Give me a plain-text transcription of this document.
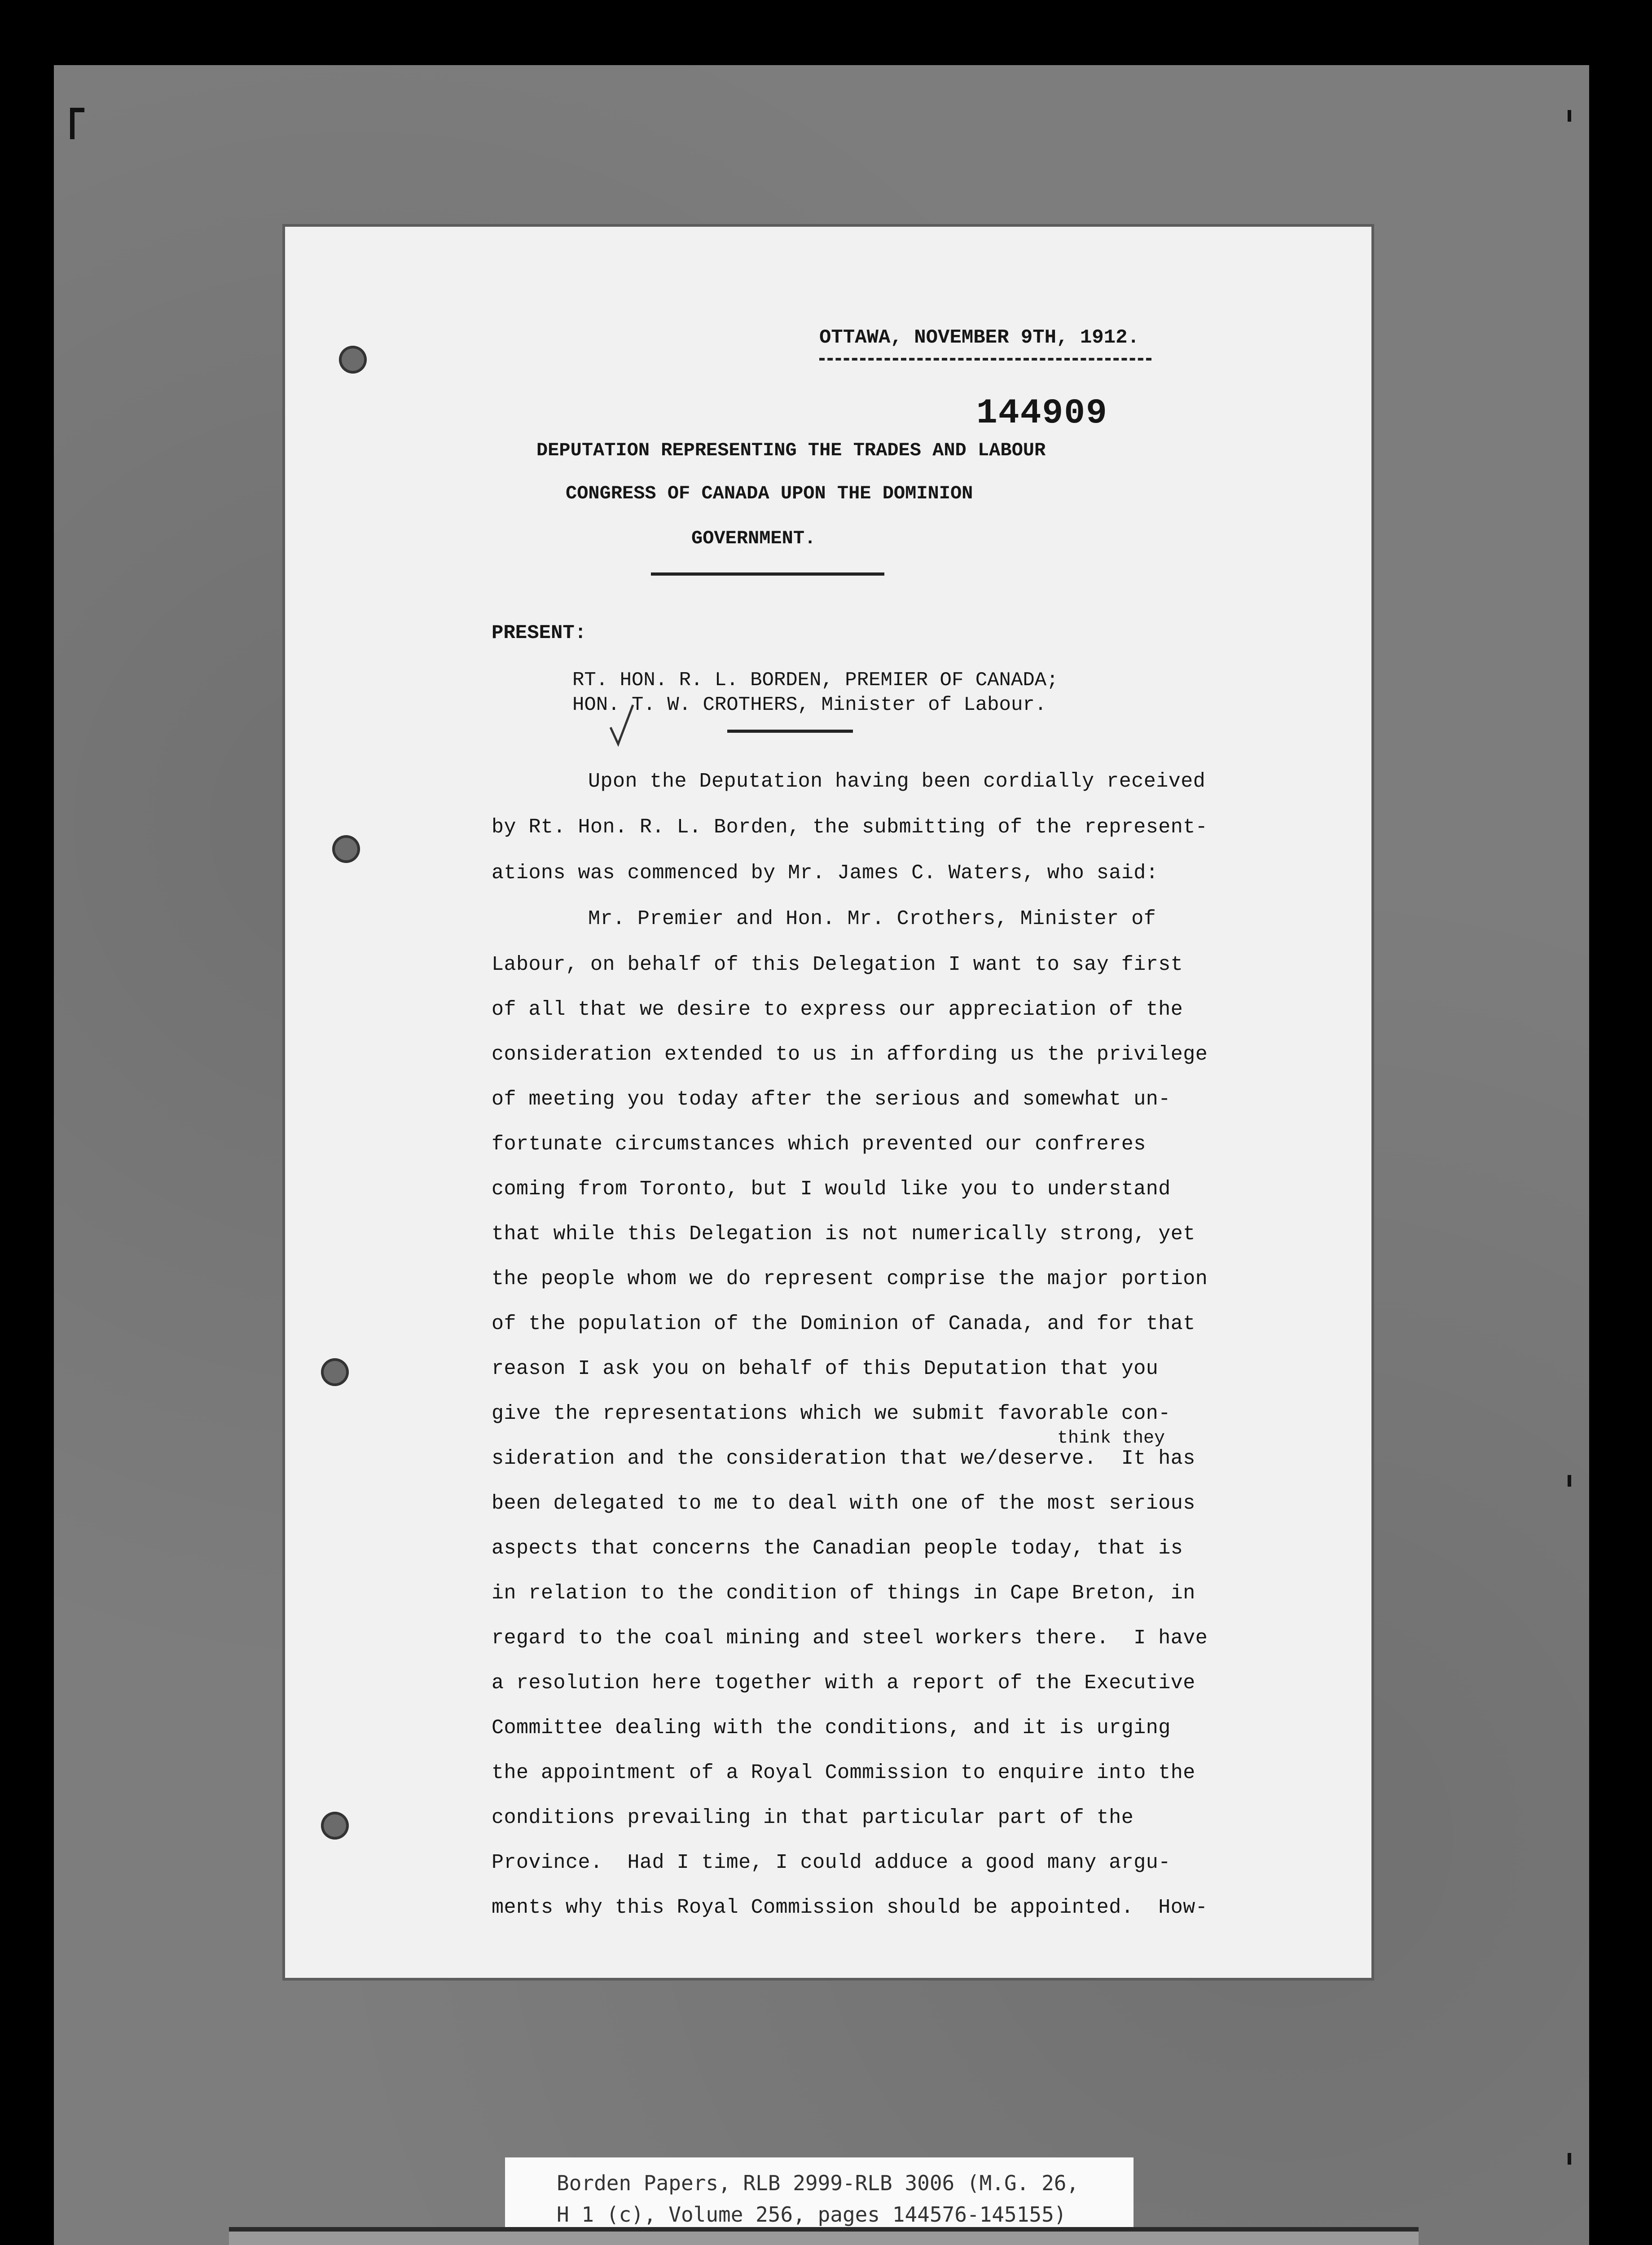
OTTAWA, NOVEMBER 9TH, 1912.
144909
DEPUTATION REPRESENTING THE TRADES AND LABOUR
CONGRESS OF CANADA UPON THE DOMINION
GOVERNMENT.
PRESENT:
RT. HON. R. L. BORDEN, PREMIER OF CANADA;
HON. T. W. CROTHERS, Minister of Labour.
Upon the Deputation having been cordially received
by Rt. Hon. R. L. Borden, the submitting of the represent-
ations was commenced by Mr. James C. Waters, who said:
Mr. Premier and Hon. Mr. Crothers, Minister of
Labour, on behalf of this Delegation I want to say first
of all that we desire to express our appreciation of the
consideration extended to us in affording us the privilege
of meeting you today after the serious and somewhat un-
fortunate circumstances which prevented our confreres
coming from Toronto, but I would like you to understand
that while this Delegation is not numerically strong, yet
the people whom we do represent comprise the major portion
of the population of the Dominion of Canada, and for that
reason I ask you on behalf of this Deputation that you
give the representations which we submit favorable con-
think they
sideration and the consideration that we/deserve.  It has
been delegated to me to deal with one of the most serious
aspects that concerns the Canadian people today, that is
in relation to the condition of things in Cape Breton, in
regard to the coal mining and steel workers there.  I have
a resolution here together with a report of the Executive
Committee dealing with the conditions, and it is urging
the appointment of a Royal Commission to enquire into the
conditions prevailing in that particular part of the
Province.  Had I time, I could adduce a good many argu-
ments why this Royal Commission should be appointed.  How-
Borden Papers, RLB 2999-RLB 3006 (M.G. 26,
H 1 (c), Volume 256, pages 144576-145155)
